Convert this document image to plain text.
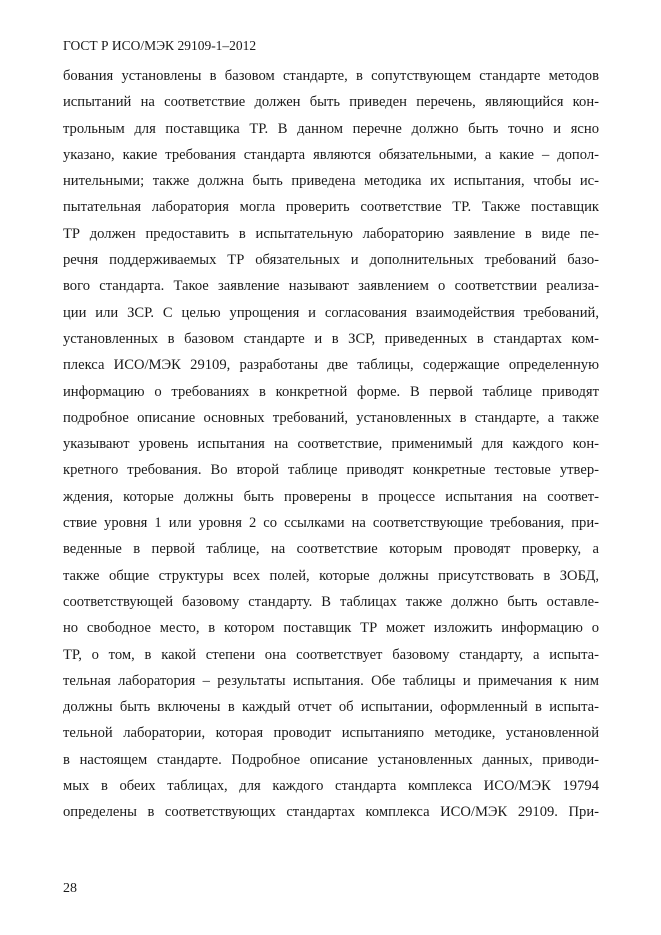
ГОСТ Р ИСО/МЭК 29109-1–2012
бования установлены в базовом стандарте, в сопутствующем стандарте методов
испытаний на соответствие должен быть приведен перечень, являющийся кон-
трольным для поставщика ТР. В данном перечне должно быть точно и ясно
указано, какие требования стандарта являются обязательными, а какие – допол-
нительными; также должна быть приведена методика их испытания, чтобы ис-
пытательная лаборатория могла проверить соответствие ТР. Также поставщик
ТР должен предоставить в испытательную лабораторию заявление в виде пе-
речня поддерживаемых ТР обязательных и дополнительных требований базо-
вого стандарта. Такое заявление называют заявлением о соответствии реализа-
ции или ЗСР. С целью упрощения и согласования взаимодействия требований,
установленных в базовом стандарте и в ЗСР, приведенных в стандартах ком-
плекса ИСО/МЭК 29109, разработаны две таблицы, содержащие определенную
информацию о требованиях в конкретной форме. В первой таблице приводят
подробное описание основных требований, установленных в стандарте, а также
указывают уровень испытания на соответствие, применимый для каждого кон-
кретного требования. Во второй таблице приводят конкретные тестовые утвер-
ждения, которые должны быть проверены в процессе испытания на соответ-
ствие уровня 1 или уровня 2 со ссылками на соответствующие требования, при-
веденные в первой таблице, на соответствие которым проводят проверку, а
также общие структуры всех полей, которые должны присутствовать в ЗОБД,
соответствующей базовому стандарту. В таблицах также должно быть оставле-
но свободное место, в котором поставщик ТР может изложить информацию о
ТР, о том, в какой степени она соответствует базовому стандарту, а испыта-
тельная лаборатория – результаты испытания. Обе таблицы и примечания к ним
должны быть включены в каждый отчет об испытании, оформленный в испыта-
тельной лаборатории, которая проводит испытанияпо методике, установленной
в настоящем стандарте. Подробное описание установленных данных, приводи-
мых в обеих таблицах, для каждого стандарта комплекса ИСО/МЭК 19794
определены в соответствующих стандартах комплекса ИСО/МЭК 29109. При-
28
